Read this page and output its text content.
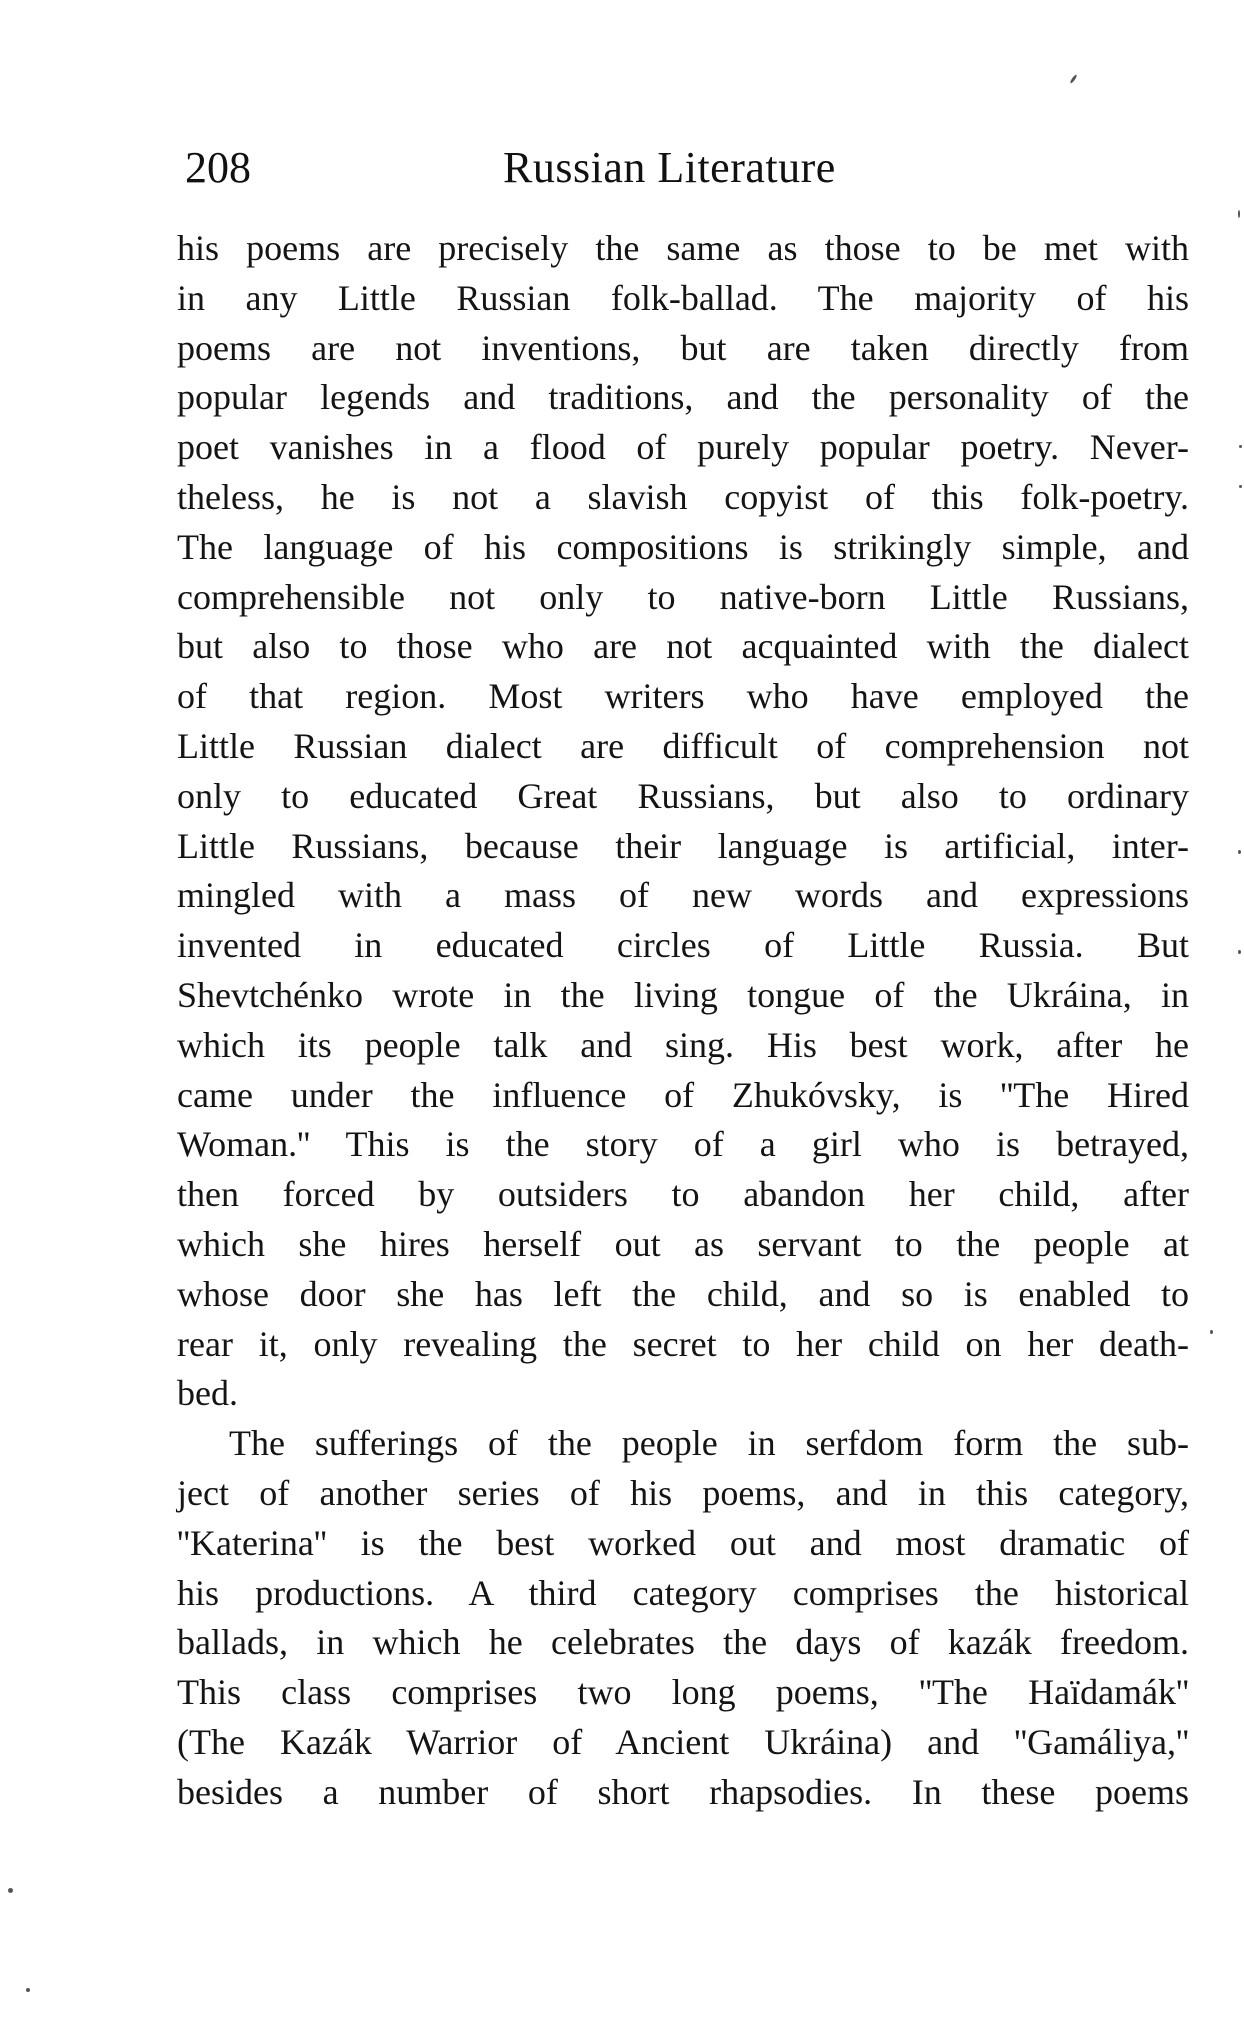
208	Russian Literature
his poems are precisely the same as those to be met with
in any Little Russian folk-ballad. The majority of his
poems are not inventions, but are taken directly from
popular legends and traditions, and the personality of the
poet vanishes in a flood of purely popular poetry. Never-
theless, he is not a slavish copyist of this folk-poetry.
The language of his compositions is strikingly simple, and
comprehensible not only to native-born Little Russians,
but also to those who are not acquainted with the dialect
of that region. Most writers who have employed the
Little Russian dialect are difficult of comprehension not
only to educated Great Russians, but also to ordinary
Little Russians, because their language is artificial, inter-
mingled with a mass of new words and expressions
invented in educated circles of Little Russia. But
Shevtchénko wrote in the living tongue of the Ukráina, in
which its people talk and sing. His best work, after he
came under the influence of Zhukóvsky, is ''The Hired
Woman.'' This is the story of a girl who is betrayed,
then forced by outsiders to abandon her child, after
which she hires herself out as servant to the people at
whose door she has left the child, and so is enabled to
rear it, only revealing the secret to her child on her death-
bed.
The sufferings of the people in serfdom form the sub-
ject of another series of his poems, and in this category,
''Katerina'' is the best worked out and most dramatic of
his productions. A third category comprises the historical
ballads, in which he celebrates the days of kazák freedom.
This class comprises two long poems, ''The Haïdamák''
(The Kazák Warrior of Ancient Ukráina) and ''Gamáliya,''
besides a number of short rhapsodies. In these poems
